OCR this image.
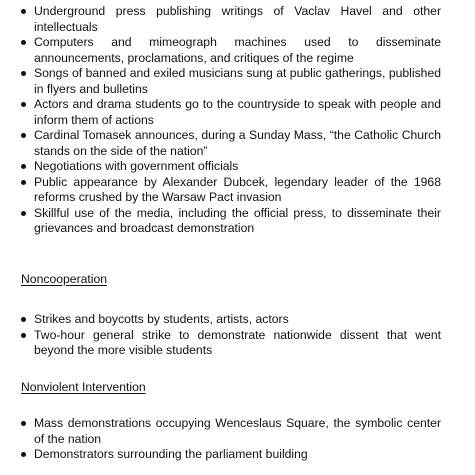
Underground press publishing writings of Vaclav Havel and other intellectuals
Computers and mimeograph machines used to disseminate announcements, proclamations, and critiques of the regime
Songs of banned and exiled musicians sung at public gatherings, published in flyers and bulletins
Actors and drama students go to the countryside to speak with people and inform them of actions
Cardinal Tomasek announces, during a Sunday Mass, “the Catholic Church stands on the side of the nation”
Negotiations with government officials
Public appearance by Alexander Dubcek, legendary leader of the 1968 reforms crushed by the Warsaw Pact invasion
Skillful use of the media, including the official press, to disseminate their grievances and broadcast demonstration
Noncooperation
Strikes and boycotts by students, artists, actors
Two-hour general strike to demonstrate nationwide dissent that went beyond the more visible students
Nonviolent Intervention
Mass demonstrations occupying Wenceslaus Square, the symbolic center of the nation
Demonstrators surrounding the parliament building
